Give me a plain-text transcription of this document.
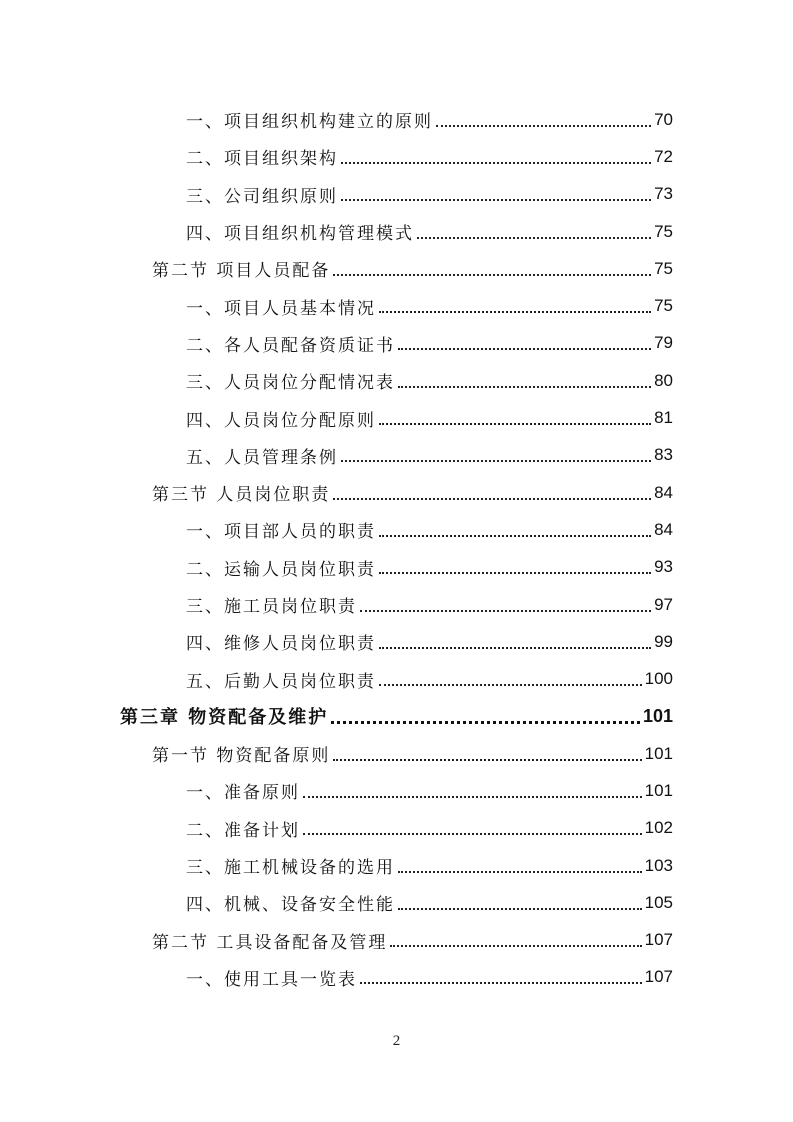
一、项目组织机构建立的原则	70
二、项目组织架构	72
三、公司组织原则	73
四、项目组织机构管理模式	75
第二节 项目人员配备	75
一、项目人员基本情况	75
二、各人员配备资质证书	79
三、人员岗位分配情况表	80
四、人员岗位分配原则	81
五、人员管理条例	83
第三节 人员岗位职责	84
一、项目部人员的职责	84
二、运输人员岗位职责	93
三、施工员岗位职责	97
四、维修人员岗位职责	99
五、后勤人员岗位职责	100
第三章 物资配备及维护	101
第一节 物资配备原则	101
一、准备原则	101
二、准备计划	102
三、施工机械设备的选用	103
四、机械、设备安全性能	105
第二节 工具设备配备及管理	107
一、使用工具一览表	107
2
